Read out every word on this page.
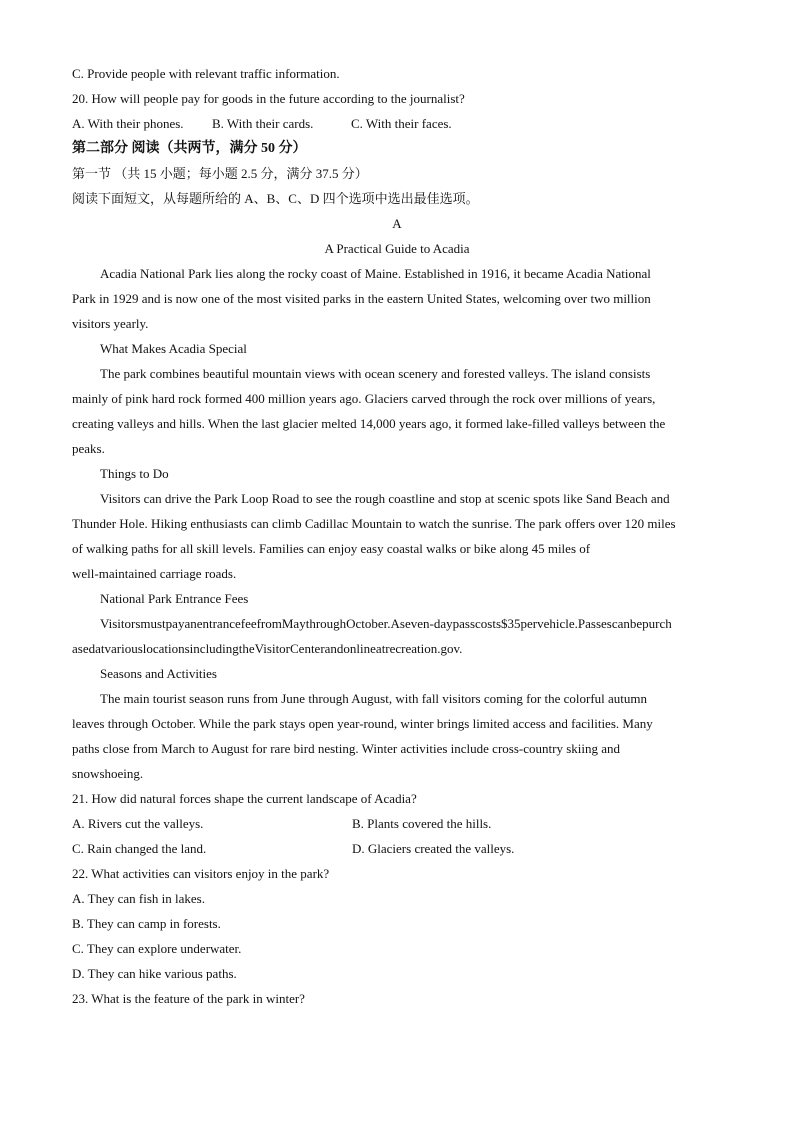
C. Provide people with relevant traffic information.
20. How will people pay for goods in the future according to the journalist?
A. With their phones.	B. With their cards.	C. With their faces.
第二部分 阅读（共两节，满分 50 分）
第一节 （共 15 小题；每小题 2.5 分，满分 37.5 分）
阅读下面短文，从每题所给的 A、B、C、D 四个选项中选出最佳选项。
A
A Practical Guide to Acadia
Acadia National Park lies along the rocky coast of Maine. Established in 1916, it became Acadia National
Park in 1929 and is now one of the most visited parks in the eastern United States, welcoming over two million
visitors yearly.
What Makes Acadia Special
The park combines beautiful mountain views with ocean scenery and forested valleys. The island consists
mainly of pink hard rock formed 400 million years ago. Glaciers carved through the rock over millions of years,
creating valleys and hills. When the last glacier melted 14,000 years ago, it formed lake-filled valleys between the
peaks.
Things to Do
Visitors can drive the Park Loop Road to see the rough coastline and stop at scenic spots like Sand Beach and
Thunder Hole. Hiking enthusiasts can climb Cadillac Mountain to watch the sunrise. The park offers over 120 miles
of walking paths for all skill levels. Families can enjoy easy coastal walks or bike along 45 miles of
well-maintained carriage roads.
National Park Entrance Fees
VisitorsmustpayanentrancefeefromMaythroughOctober.Aseven-daypasscosts$35pervehicle.Passescanbepurch
asedatvariouslocationsincludingtheVisitorCenterandonlineatrecreation.gov.
Seasons and Activities
The main tourist season runs from June through August, with fall visitors coming for the colorful autumn
leaves through October. While the park stays open year-round, winter brings limited access and facilities. Many
paths close from March to August for rare bird nesting. Winter activities include cross-country skiing and
snowshoeing.
21. How did natural forces shape the current landscape of Acadia?
A. Rivers cut the valleys.	B. Plants covered the hills.
C. Rain changed the land.	D. Glaciers created the valleys.
22. What activities can visitors enjoy in the park?
A. They can fish in lakes.
B. They can camp in forests.
C. They can explore underwater.
D. They can hike various paths.
23. What is the feature of the park in winter?
